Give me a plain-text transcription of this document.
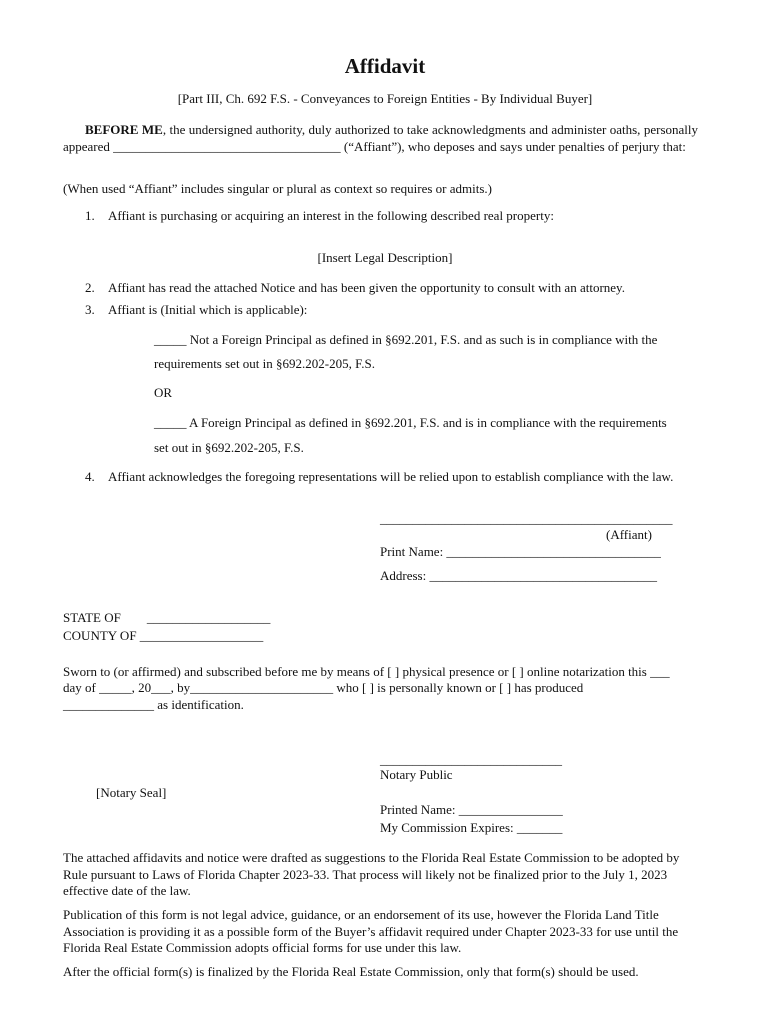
Affidavit
[Part III, Ch. 692 F.S. - Conveyances to Foreign Entities - By Individual Buyer]
BEFORE ME, the undersigned authority, duly authorized to take acknowledgments and administer oaths, personally appeared ___________________________________ (“Affiant”), who deposes and says under penalties of perjury that:
(When used “Affiant” includes singular or plural as context so requires or admits.)
1. Affiant is purchasing or acquiring an interest in the following described real property:
[Insert Legal Description]
2. Affiant has read the attached Notice and has been given the opportunity to consult with an attorney.
3. Affiant is (Initial which is applicable):
_____ Not a Foreign Principal as defined in §692.201, F.S. and as such is in compliance with the
requirements set out in §692.202-205, F.S.
OR
_____ A Foreign Principal as defined in §692.201, F.S. and is in compliance with the requirements
set out in §692.202-205, F.S.
4. Affiant acknowledges the foregoing representations will be relied upon to establish compliance with the law.
_____________________________________________
(Affiant)
Print Name: _________________________________
Address: ___________________________________
STATE OF        ___________________
COUNTY OF ___________________
Sworn to (or affirmed) and subscribed before me by means of [ ] physical presence or [ ] online notarization this ___
day of _____, 20___, by______________________ who [ ] is personally known or [ ] has produced
______________ as identification.
____________________________
Notary Public
[Notary Seal]
Printed Name: ________________
My Commission Expires: _______
The attached affidavits and notice were drafted as suggestions to the Florida Real Estate Commission to be adopted by Rule pursuant to Laws of Florida Chapter 2023-33. That process will likely not be finalized prior to the July 1, 2023 effective date of the law.
Publication of this form is not legal advice, guidance, or an endorsement of its use, however the Florida Land Title Association is providing it as a possible form of the Buyer’s affidavit required under Chapter 2023-33 for use until the Florida Real Estate Commission adopts official forms for use under this law.
After the official form(s) is finalized by the Florida Real Estate Commission, only that form(s) should be used.
